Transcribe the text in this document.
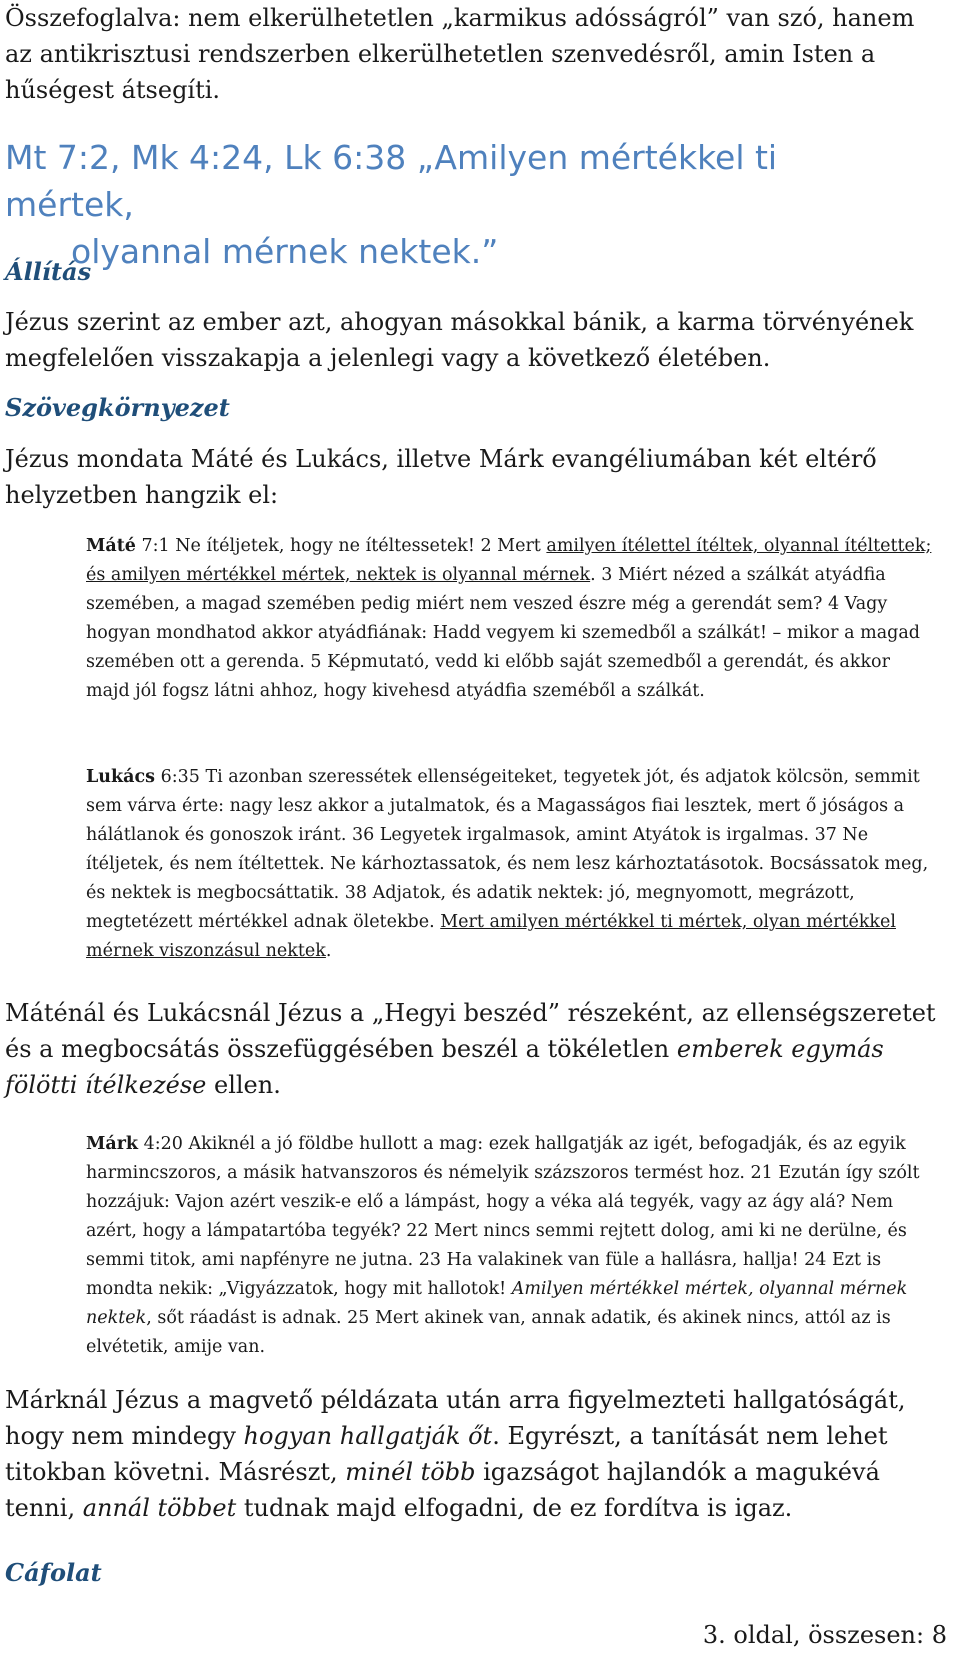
Összefoglalva: nem elkerülhetetlen „karmikus adósságról” van szó, hanem az antikrisztusi rendszerben elkerülhetetlen szenvedésről, amin Isten a hűségest átsegíti.

Mt 7:2, Mk 4:24, Lk 6:38 „Amilyen mértékkel ti mértek,
olyannal mérnek nektek.”

Állítás

Jézus szerint az ember azt, ahogyan másokkal bánik, a karma törvényének megfelelően visszakapja a jelenlegi vagy a következő életében.

Szövegkörnyezet

Jézus mondata Máté és Lukács, illetve Márk evangéliumában két eltérő helyzetben hangzik el:

Máté 7:1 Ne ítéljetek, hogy ne ítéltessetek! 2 Mert amilyen ítélettel ítéltek, olyannal ítéltettek; és amilyen mértékkel mértek, nektek is olyannal mérnek. 3 Miért nézed a szálkát atyádfia szemében, a magad szemében pedig miért nem veszed észre még a gerendát sem? 4 Vagy hogyan mondhatod akkor atyádfiának: Hadd vegyem ki szemedből a szálkát! – mikor a magad szemében ott a gerenda. 5 Képmutató, vedd ki előbb saját szemedből a gerendát, és akkor majd jól fogsz látni ahhoz, hogy kivehesd atyádfia szeméből a szálkát.

Lukács 6:35 Ti azonban szeressétek ellenségeiteket, tegyetek jót, és adjatok kölcsön, semmit sem várva érte: nagy lesz akkor a jutalmatok, és a Magasságos fiai lesztek, mert ő jóságos a hálátlanok és gonoszok iránt. 36 Legyetek irgalmasok, amint Atyátok is irgalmas. 37 Ne ítéljetek, és nem ítéltettek. Ne kárhoztassatok, és nem lesz kárhoztatásotok. Bocsássatok meg, és nektek is megbocsáttatik. 38 Adjatok, és adatik nektek: jó, megnyomott, megrázott, megtetézett mértékkel adnak öletekbe. Mert amilyen mértékkel ti mértek, olyan mértékkel mérnek viszonzásul nektek.

Máténál és Lukácsnál Jézus a „Hegyi beszéd” részeként, az ellenségszeretet és a megbocsátás összefüggésében beszél a tökéletlen emberek egymás fölötti ítélkezése ellen.

Márk 4:20 Akiknél a jó földbe hullott a mag: ezek hallgatják az igét, befogadják, és az egyik harmincszoros, a másik hatvanszoros és némelyik százszoros termést hoz. 21 Ezután így szólt hozzájuk: Vajon azért veszik-e elő a lámpást, hogy a véka alá tegyék, vagy az ágy alá? Nem azért, hogy a lámpatartóba tegyék? 22 Mert nincs semmi rejtett dolog, ami ki ne derülne, és semmi titok, ami napfényre ne jutna. 23 Ha valakinek van füle a hallásra, hallja! 24 Ezt is mondta nekik: „Vigyázzatok, hogy mit hallotok! Amilyen mértékkel mértek, olyannal mérnek nektek, sőt ráadást is adnak. 25 Mert akinek van, annak adatik, és akinek nincs, attól az is elvétetik, amije van.

Márknál Jézus a magvető példázata után arra figyelmezteti hallgatóságát, hogy nem mindegy hogyan hallgatják őt. Egyrészt, a tanítását nem lehet titokban követni. Másrészt, minél több igazságot hajlandók a magukévá tenni, annál többet tudnak majd elfogadni, de ez fordítva is igaz.

Cáfolat

3. oldal, összesen: 8
